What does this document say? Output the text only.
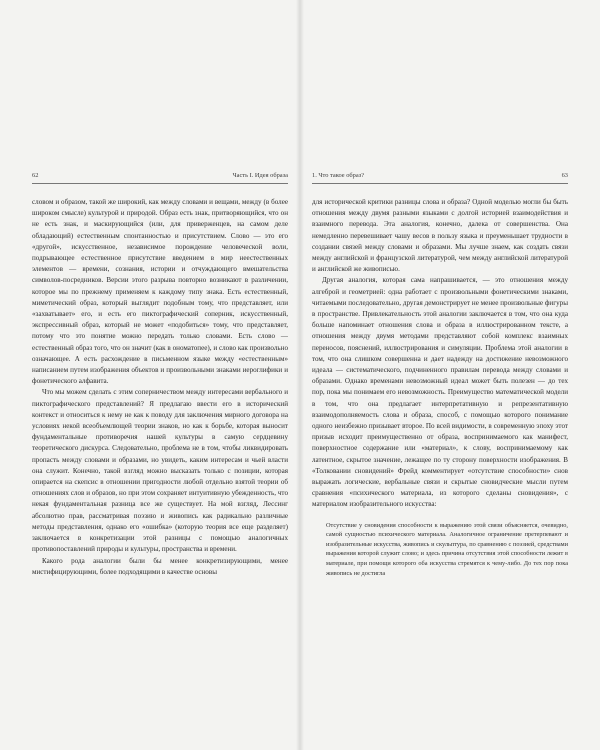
62	Часть I. Идея образа

словом и образом, такой же широкий, как между словами и вещами, между (в более широком смысле) культурой и природой. Образ есть знак, притворяющийся, что он не есть знак, и маскирующийся (или, для приверженцев, на самом деле обладающий) естественным спонтанностью и присутствием. Слово — это его «другой», искусственное, независимое порождение человеческой воли, подрывающее естественное присутствие введением в мир неестественных элементов — времени, сознания, истории и отчуждающего вмешательства символов-посредников. Версии этого разрыва повторно возникают в различении, которое мы по прежнему применяем к каждому типу знака. Есть естественный, миметический образ, который выглядит подобным тому, что представляет, или «захватывает» его, и есть его пиктографический соперник, искусственный, экспрессивный образ, который не может «подобиться» тому, что представляет, потому что это понятие можно передать только словами. Есть слово — естественный образ того, что он значит (как в ономатопее), и слово как произвольно означающее. А есть расхождение в письменном языке между «естественным» написанием путем изображения объектов и произвольными знаками иероглифики и фонетического алфавита.

Что мы можем сделать с этим соперничеством между интересами вербального и пиктографического представлений? Я предлагаю ввести его в исторический контекст и относиться к нему не как к поводу для заключения мирного договора на условиях некой всеобъемлющей теории знаков, но как к борьбе, которая выносит фундаментальные противоречия нашей культуры в самую сердцевину теоретического дискурса. Следовательно, проблема не в том, чтобы ликвидировать пропасть между словами и образами, но увидеть, каким интересам и чьей власти она служит. Конечно, такой взгляд можно высказать только с позиции, которая опирается на скепсис в отношении пригодности любой отдельно взятой теории об отношениях слов и образов, но при этом сохраняет интуитивную убежденность, что некая фундаментальная разница все же существует. На мой взгляд, Лессинг абсолютно прав, рассматривая поэзию и живопись как радикально различные методы представления, однако его «ошибка» (которую теория все еще разделяет) заключается в конкретизации этой разницы с помощью аналогичных противопоставлений природы и культуры, пространства и времени.

Какого рода аналогии были бы менее конкретизирующими, менее мистифицирующими, более подходящими в качестве основы

1. Что такое образ?	63

для исторической критики разницы слова и образа? Одной моделью могли бы быть отношения между двумя разными языками с долгой историей взаимодействия и взаимного перевода. Эта аналогия, конечно, далека от совершенства. Она немедленно перевешивает чашу весов в пользу языка и преуменьшает трудности в создании связей между словами и образами. Мы лучше знаем, как создать связи между английской и французской литературой, чем между английской литературой и английской же живописью.

Другая аналогия, которая сама напрашивается, — это отношения между алгеброй и геометрией: одна работает с произвольными фонетическими знаками, читаемыми последовательно, другая демонстрирует не менее произвольные фигуры в пространстве. Привлекательность этой аналогии заключается в том, что она куда больше напоминает отношения слова и образа в иллюстрированном тексте, а отношения между двумя методами представляют собой комплекс взаимных переносов, пояснений, иллюстрирования и симуляции. Проблема этой аналогии в том, что она слишком совершенна и дает надежду на достижение невозможного идеала — систематического, подчиненного правилам перевода между словами и образами. Однако временами невозможный идеал может быть полезен — до тех пор, пока мы понимаем его невозможность. Преимущество математической модели в том, что она предлагает интерпретативную и репрезентативную взаимодополняемость слова и образа, способ, с помощью которого понимание одного неизбежно призывает второе. По всей видимости, в современную эпоху этот призыв исходит преимущественно от образа, воспринимаемого как манифест, поверхностное содержание или «материал», к слову, воспринимаемому как латентное, скрытое значение, лежащее по ту сторону поверхности изображения. В «Толковании сновидений» Фрейд комментирует «отсутствие способности» снов выражать логические, вербальные связи и скрытые сновидческие мысли путем сравнения «психического материала, из которого сделаны сновидения», с материалом изобразительного искусства:

Отсутствие у сновидения способности к выражению этой связи объясняется, очевидно, самой сущностью психического материала. Аналогичное ограничение претерпевают и изобразительные искусства, живопись и скульптура, по сравнению с поэзией, средствами выражения которой служит слово; и здесь причина отсутствия этой способности лежит в материале, при помощи которого оба искусства стремятся к чему-либо. До тех пор пока живопись не достигла
